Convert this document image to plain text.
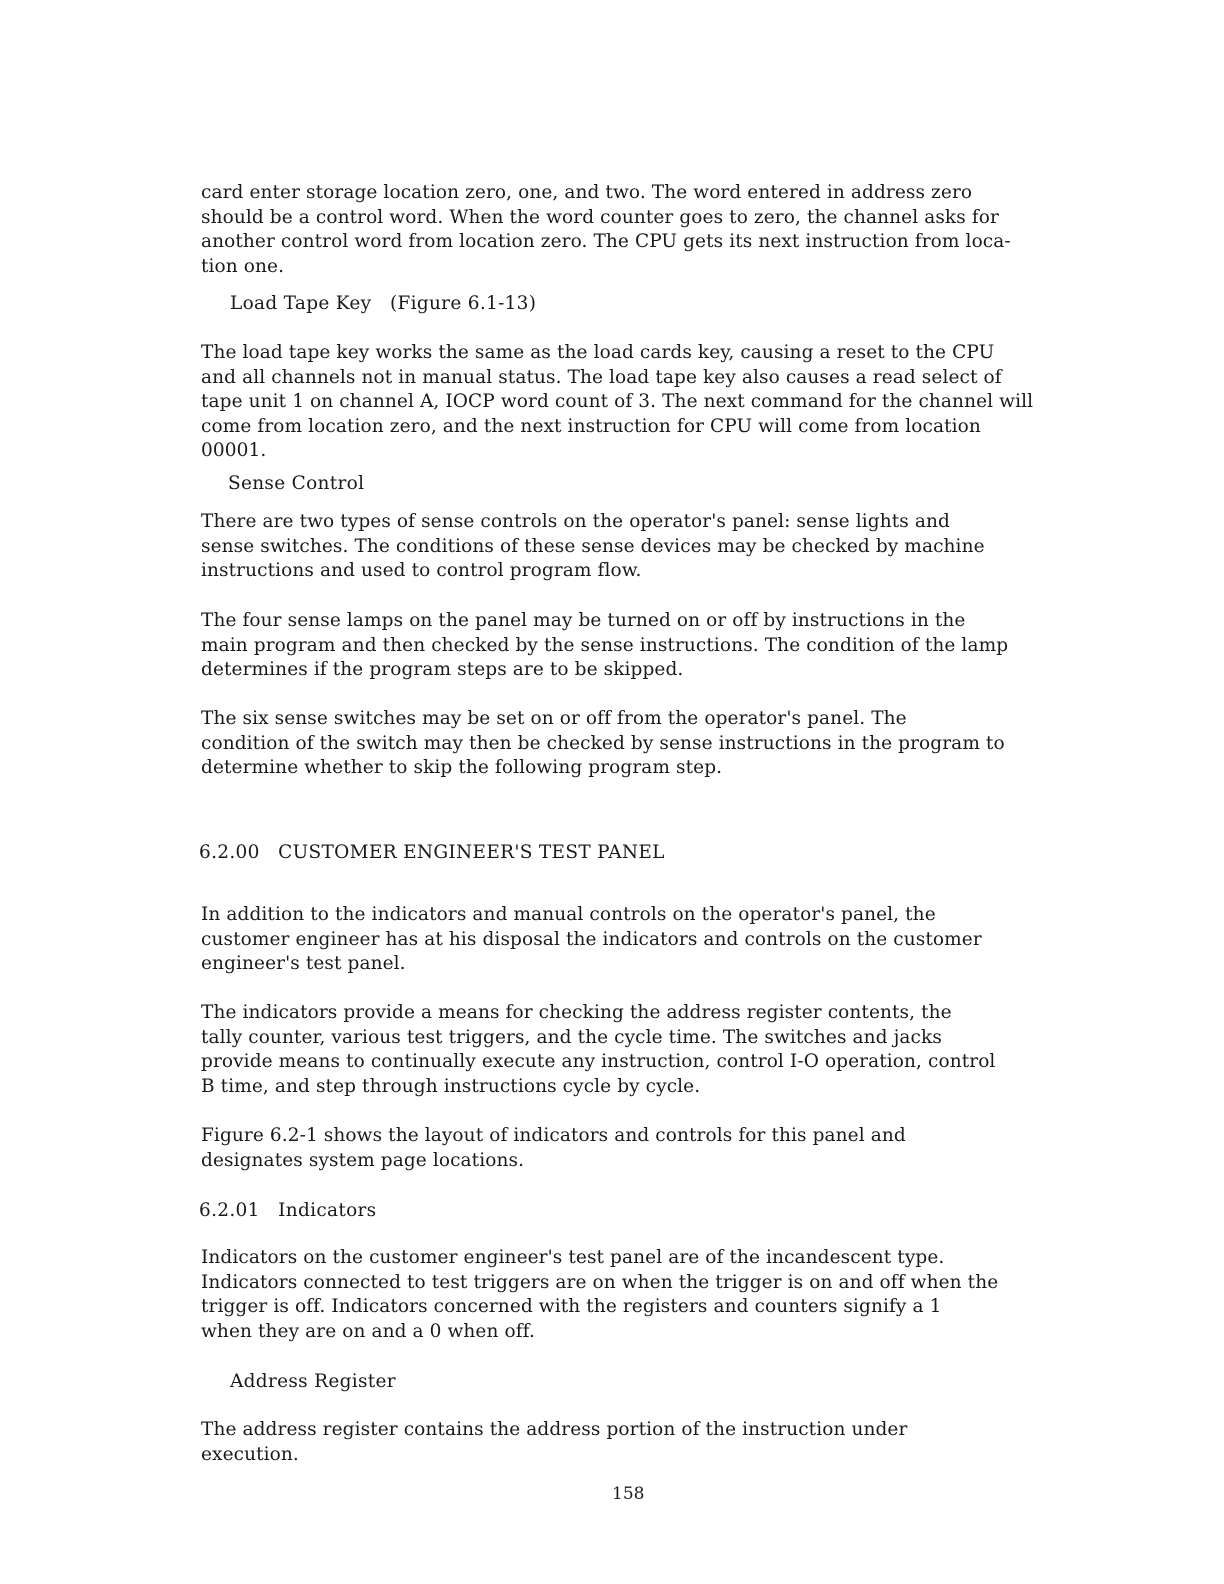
card enter storage location zero, one, and two. The word entered in address zero
should be a control word. When the word counter goes to zero, the channel asks for
another control word from location zero. The CPU gets its next instruction from loca-
tion one.

Load Tape Key   (Figure 6.1-13)

The load tape key works the same as the load cards key, causing a reset to the CPU
and all channels not in manual status. The load tape key also causes a read select of
tape unit 1 on channel A, IOCP word count of 3. The next command for the channel will
come from location zero, and the next instruction for CPU will come from location
00001.

Sense Control

There are two types of sense controls on the operator's panel: sense lights and
sense switches. The conditions of these sense devices may be checked by machine
instructions and used to control program flow.

The four sense lamps on the panel may be turned on or off by instructions in the
main program and then checked by the sense instructions. The condition of the lamp
determines if the program steps are to be skipped.

The six sense switches may be set on or off from the operator's panel. The
condition of the switch may then be checked by sense instructions in the program to
determine whether to skip the following program step.

6.2.00   CUSTOMER ENGINEER'S TEST PANEL

In addition to the indicators and manual controls on the operator's panel, the
customer engineer has at his disposal the indicators and controls on the customer
engineer's test panel.

The indicators provide a means for checking the address register contents, the
tally counter, various test triggers, and the cycle time. The switches and jacks
provide means to continually execute any instruction, control I-O operation, control
B time, and step through instructions cycle by cycle.

Figure 6.2-1 shows the layout of indicators and controls for this panel and
designates system page locations.

6.2.01   Indicators

Indicators on the customer engineer's test panel are of the incandescent type.
Indicators connected to test triggers are on when the trigger is on and off when the
trigger is off. Indicators concerned with the registers and counters signify a 1
when they are on and a 0 when off.

Address Register

The address register contains the address portion of the instruction under
execution.

158
